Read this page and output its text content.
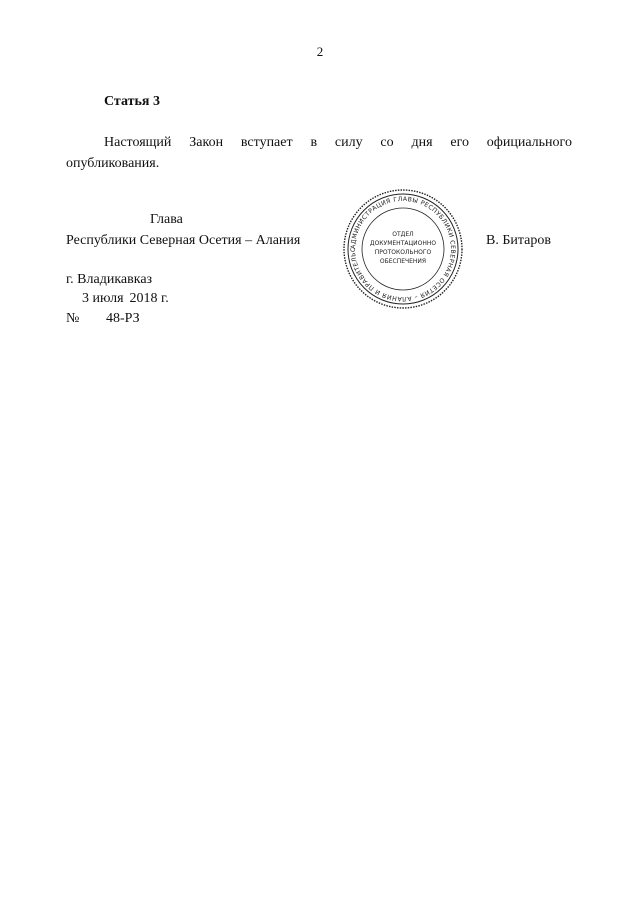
2
Статья 3
Настоящий Закон вступает в силу со дня его официального
опубликования.
Глава
Республики Северная Осетия – Алания	В. Битаров
АДМИНИСТРАЦИЯ ГЛАВЫ РЕСПУБЛИКИ СЕВЕРНАЯ ОСЕТИЯ – АЛАНИЯ И ПРАВИТЕЛЬС
ОТДЕЛ
ДОКУМЕНТАЦИОННО
ПРОТОКОЛЬНОГО
ОБЕСПЕЧЕНИЯ
г. Владикавказ
3 июля 2018 г.
№ 48-РЗ
